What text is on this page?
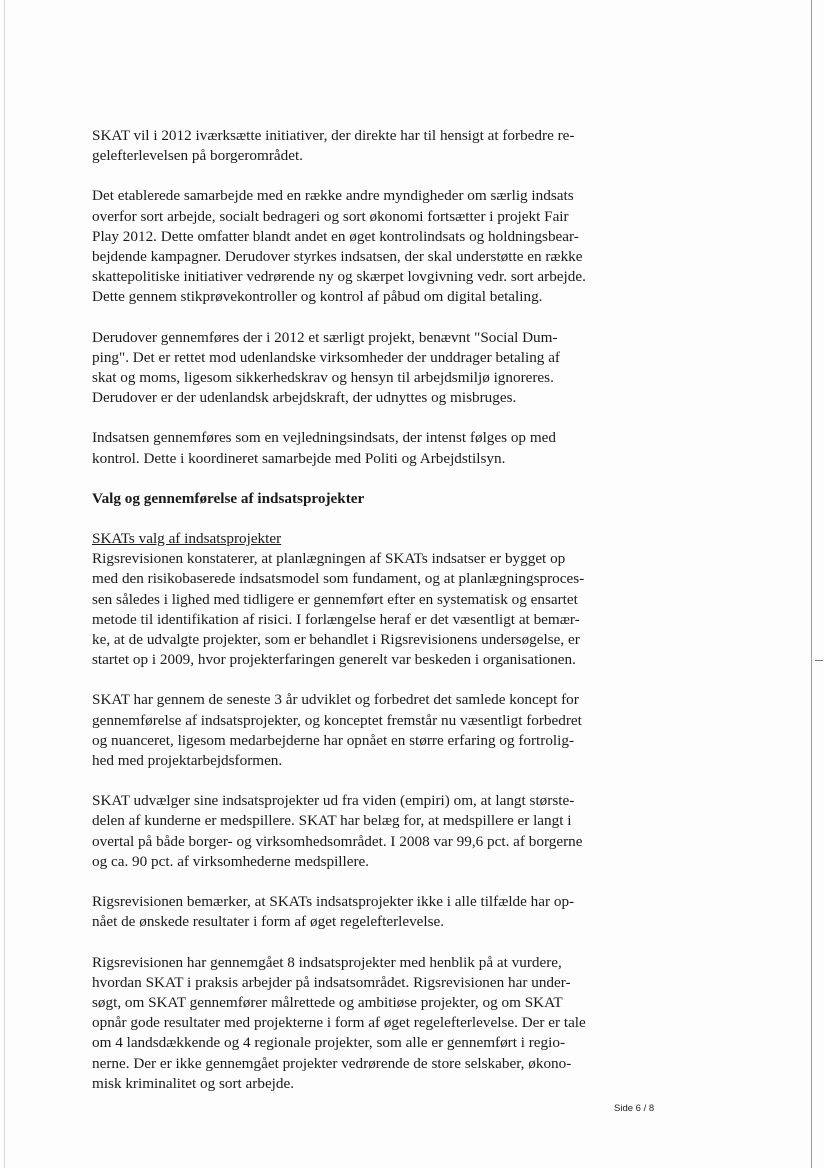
SKAT vil i 2012 iværksætte initiativer, der direkte har til hensigt at forbedre re-
gelefterlevelsen på borgerområdet.

Det etablerede samarbejde med en række andre myndigheder om særlig indsats
overfor sort arbejde, socialt bedrageri og sort økonomi fortsætter i projekt Fair
Play 2012. Dette omfatter blandt andet en øget kontrolindsats og holdningsbear-
bejdende kampagner. Derudover styrkes indsatsen, der skal understøtte en række
skattepolitiske initiativer vedrørende ny og skærpet lovgivning vedr. sort arbejde.
Dette gennem stikprøvekontroller og kontrol af påbud om digital betaling.

Derudover gennemføres der i 2012 et særligt projekt, benævnt "Social Dum-
ping". Det er rettet mod udenlandske virksomheder der unddrager betaling af
skat og moms, ligesom sikkerhedskrav og hensyn til arbejdsmiljø ignoreres.
Derudover er der udenlandsk arbejdskraft, der udnyttes og misbruges.

Indsatsen gennemføres som en vejledningsindsats, der intenst følges op med
kontrol. Dette i koordineret samarbejde med Politi og Arbejdstilsyn.

Valg og gennemførelse af indsatsprojekter

SKATs valg af indsatsprojekter
Rigsrevisionen konstaterer, at planlægningen af SKATs indsatser er bygget op
med den risikobaserede indsatsmodel som fundament, og at planlægningsproces-
sen således i lighed med tidligere er gennemført efter en systematisk og ensartet
metode til identifikation af risici. I forlængelse heraf er det væsentligt at bemær-
ke, at de udvalgte projekter, som er behandlet i Rigsrevisionens undersøgelse, er
startet op i 2009, hvor projekterfaringen generelt var beskeden i organisationen.

SKAT har gennem de seneste 3 år udviklet og forbedret det samlede koncept for
gennemførelse af indsatsprojekter, og konceptet fremstår nu væsentligt forbedret
og nuanceret, ligesom medarbejderne har opnået en større erfaring og fortrolig-
hed med projektarbejdsformen.

SKAT udvælger sine indsatsprojekter ud fra viden (empiri) om, at langt største-
delen af kunderne er medspillere. SKAT har belæg for, at medspillere er langt i
overtal på både borger- og virksomhedsområdet. I 2008 var 99,6 pct. af borgerne
og ca. 90 pct. af virksomhederne medspillere.

Rigsrevisionen bemærker, at SKATs indsatsprojekter ikke i alle tilfælde har op-
nået de ønskede resultater i form af øget regelefterlevelse.

Rigsrevisionen har gennemgået 8 indsatsprojekter med henblik på at vurdere,
hvordan SKAT i praksis arbejder på indsatsområdet. Rigsrevisionen har under-
søgt, om SKAT gennemfører målrettede og ambitiøse projekter, og om SKAT
opnår gode resultater med projekterne i form af øget regelefterlevelse. Der er tale
om 4 landsdækkende og 4 regionale projekter, som alle er gennemført i regio-
nerne. Der er ikke gennemgået projekter vedrørende de store selskaber, økono-
misk kriminalitet og sort arbejde.

Side 6 / 8
